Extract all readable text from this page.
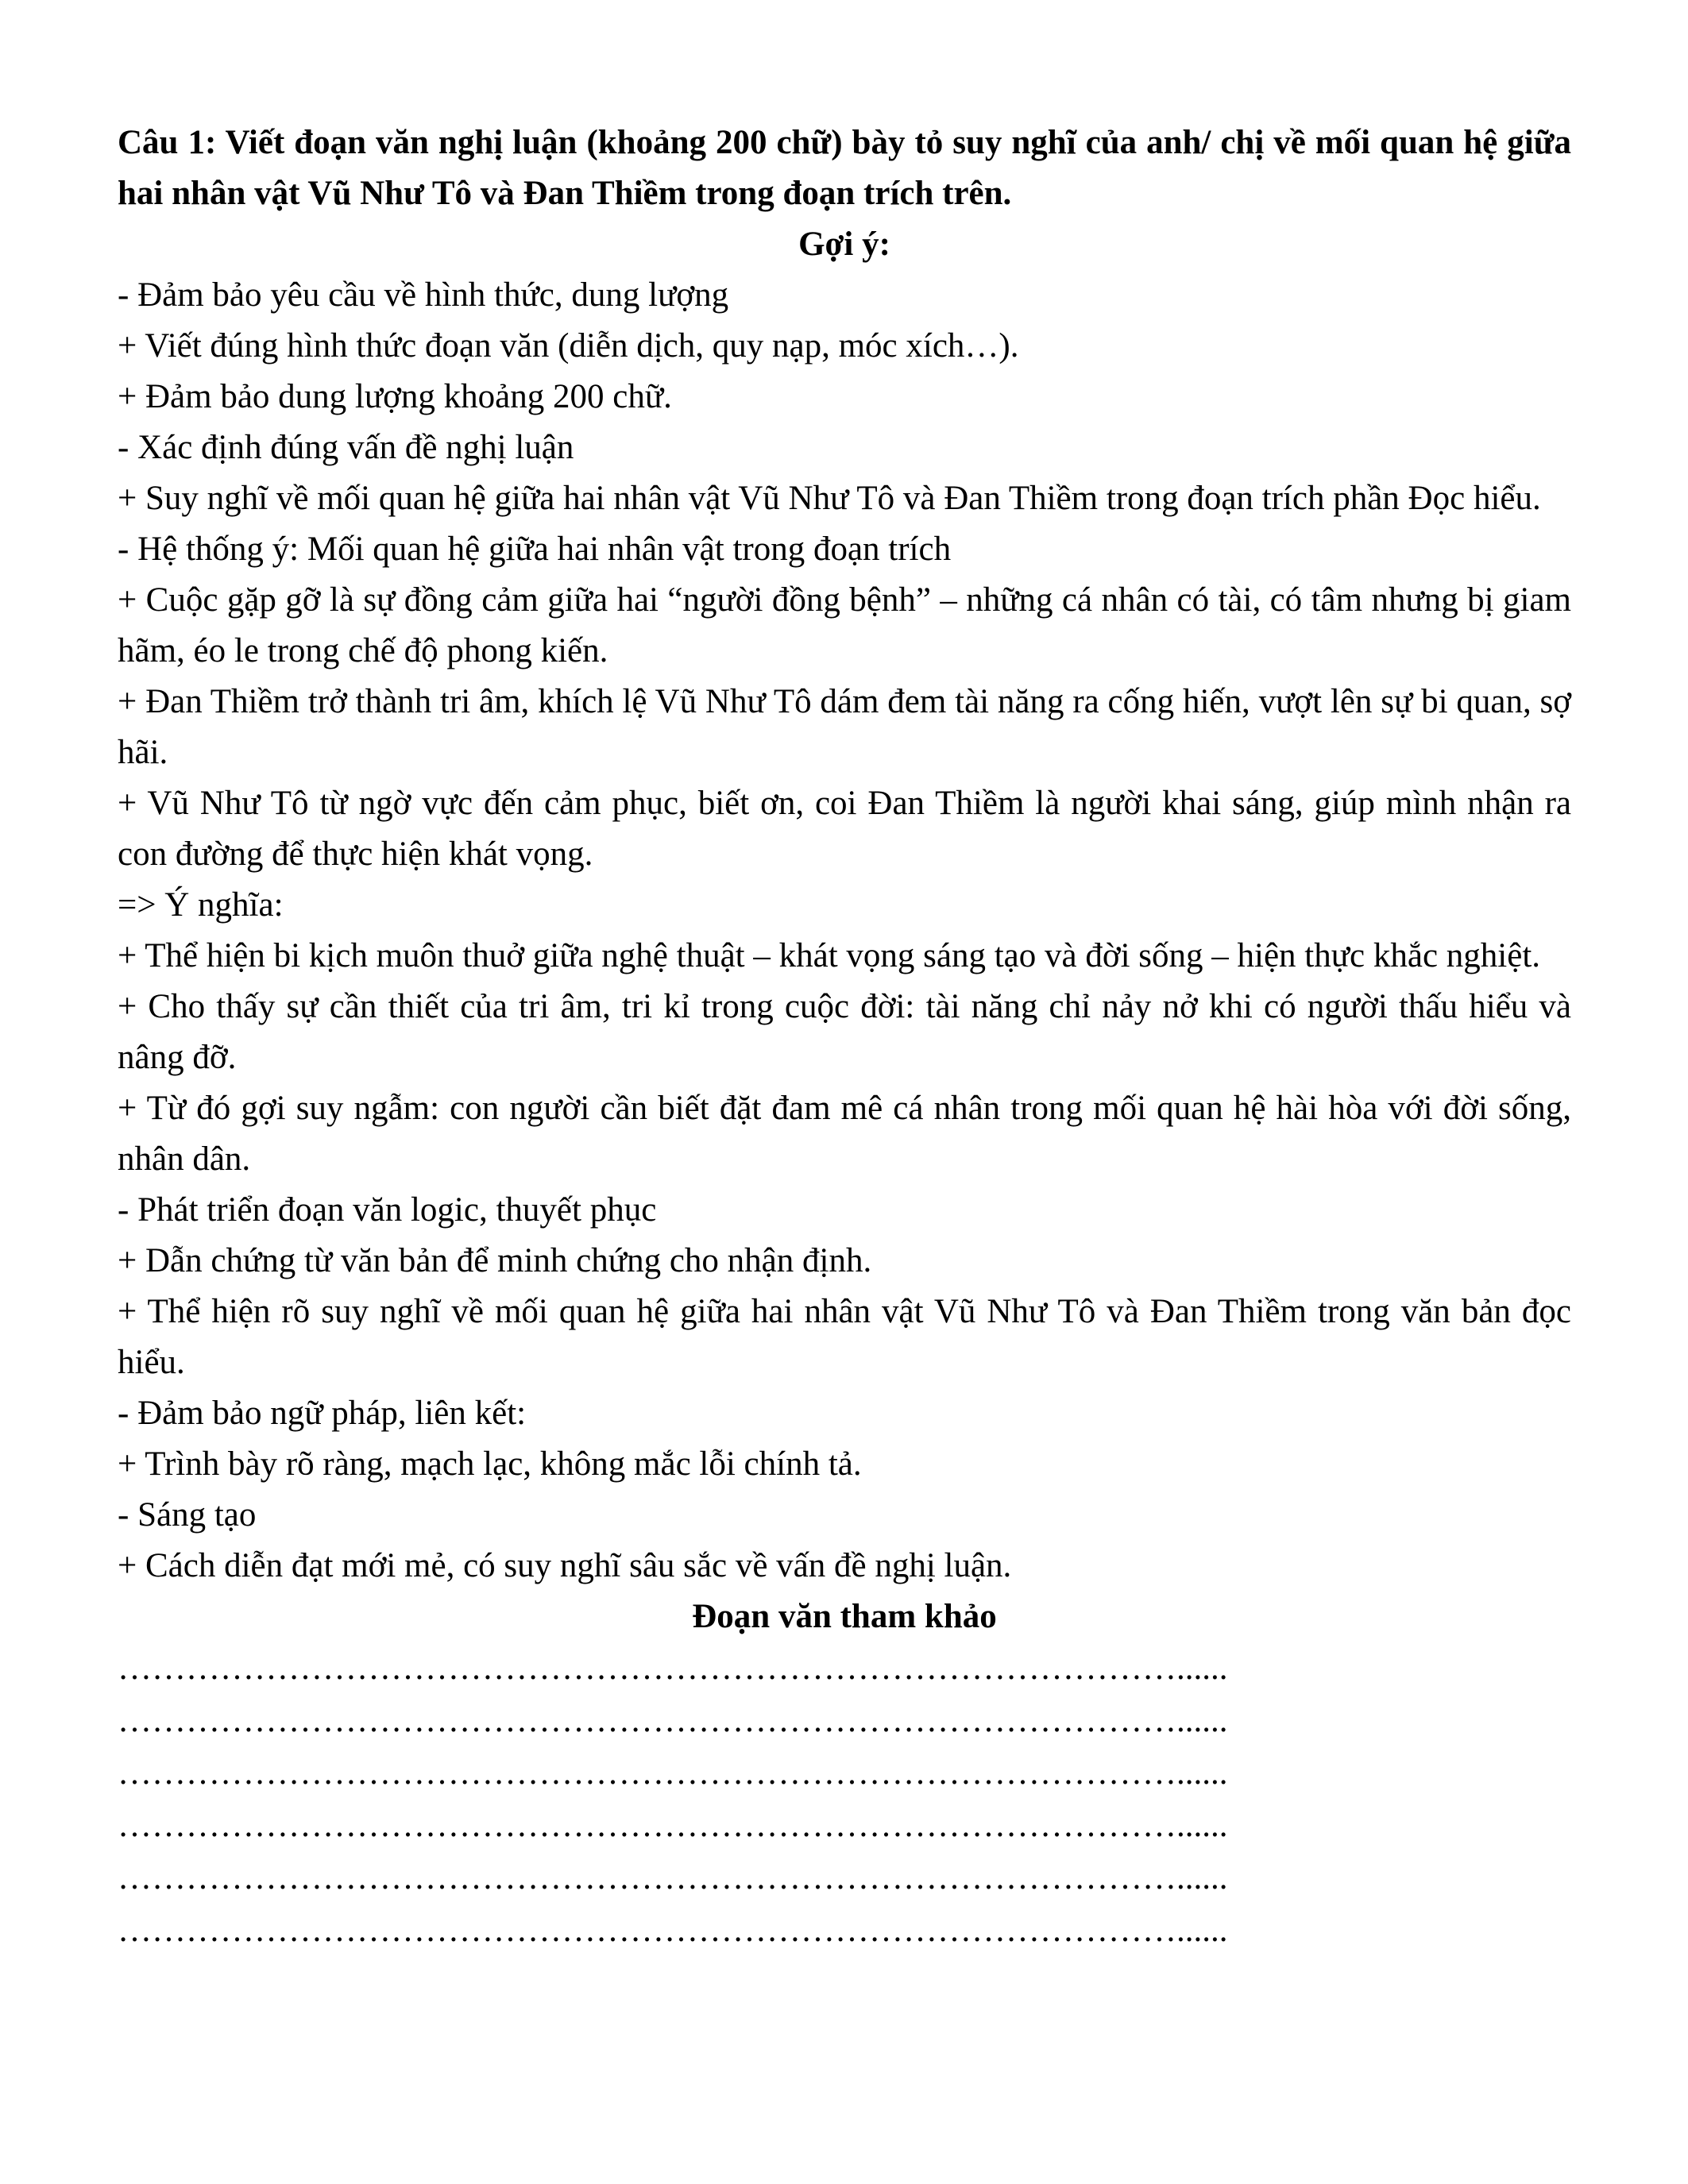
Câu 1: Viết đoạn văn nghị luận (khoảng 200 chữ) bày tỏ suy nghĩ của anh/ chị về mối quan hệ giữa hai nhân vật Vũ Như Tô và Đan Thiềm trong đoạn trích trên.

Gợi ý:

- Đảm bảo yêu cầu về hình thức, dung lượng

+ Viết đúng hình thức đoạn văn (diễn dịch, quy nạp, móc xích…).

+ Đảm bảo dung lượng khoảng 200 chữ.

- Xác định đúng vấn đề nghị luận

+ Suy nghĩ về mối quan hệ giữa hai nhân vật Vũ Như Tô và Đan Thiềm trong đoạn trích phần Đọc hiểu.

- Hệ thống ý: Mối quan hệ giữa hai nhân vật trong đoạn trích

+ Cuộc gặp gỡ là sự đồng cảm giữa hai “người đồng bệnh” – những cá nhân có tài, có tâm nhưng bị giam hãm, éo le trong chế độ phong kiến.

+ Đan Thiềm trở thành tri âm, khích lệ Vũ Như Tô dám đem tài năng ra cống hiến, vượt lên sự bi quan, sợ hãi.

+ Vũ Như Tô từ ngờ vực đến cảm phục, biết ơn, coi Đan Thiềm là người khai sáng, giúp mình nhận ra con đường để thực hiện khát vọng.

=> Ý nghĩa:

+ Thể hiện bi kịch muôn thuở giữa nghệ thuật – khát vọng sáng tạo và đời sống – hiện thực khắc nghiệt.

+ Cho thấy sự cần thiết của tri âm, tri kỉ trong cuộc đời: tài năng chỉ nảy nở khi có người thấu hiểu và nâng đỡ.

+ Từ đó gợi suy ngẫm: con người cần biết đặt đam mê cá nhân trong mối quan hệ hài hòa với đời sống, nhân dân.

- Phát triển đoạn văn logic, thuyết phục

+ Dẫn chứng từ văn bản để minh chứng cho nhận định.

+ Thể hiện rõ suy nghĩ về mối quan hệ giữa hai nhân vật Vũ Như Tô và Đan Thiềm trong văn bản đọc hiểu.

- Đảm bảo ngữ pháp, liên kết:

+ Trình bày rõ ràng, mạch lạc, không mắc lỗi chính tả.

- Sáng tạo

+ Cách diễn đạt mới mẻ, có suy nghĩ sâu sắc về vấn đề nghị luận.

Đoạn văn tham khảo

…………………………………………………………………………………......

…………………………………………………………………………………......

…………………………………………………………………………………......

…………………………………………………………………………………......

…………………………………………………………………………………......

…………………………………………………………………………………......
